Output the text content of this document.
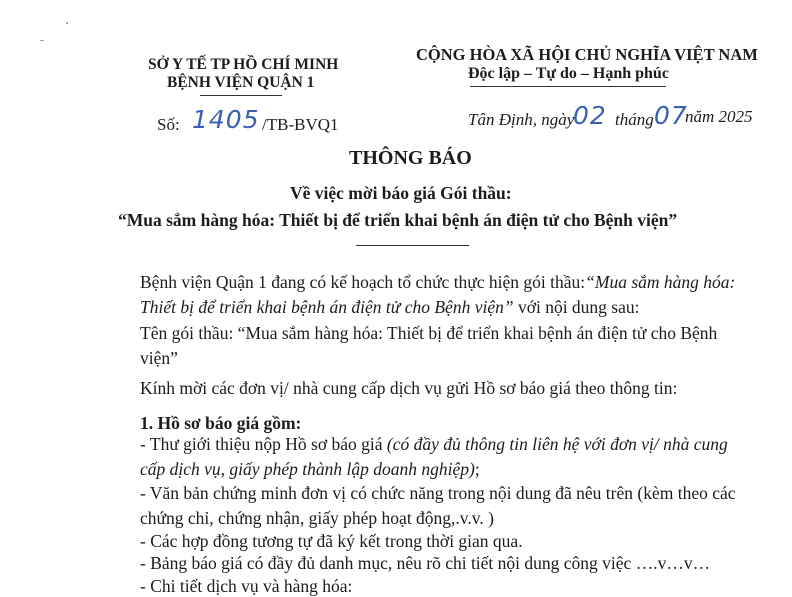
SỞ Y TẾ TP HỒ CHÍ MINH
BỆNH VIỆN QUẬN 1
Số: 1405 /TB-BVQ1
CỘNG HÒA XÃ HỘI CHỦ NGHĨA VIỆT NAM
Độc lập – Tự do – Hạnh phúc
Tân Định, ngày
02 tháng 07
năm 2025
THÔNG BÁO
Về việc mời báo giá Gói thầu:
“Mua sắm hàng hóa: Thiết bị để triển khai bệnh án điện tử cho Bệnh viện”
Bệnh viện Quận 1 đang có kế hoạch tổ chức thực hiện gói thầu:“Mua sắm hàng hóa:
Thiết bị để triển khai bệnh án điện tử cho Bệnh viện” với nội dung sau:
Tên gói thầu: “Mua sắm hàng hóa: Thiết bị để triển khai bệnh án điện tử cho Bệnh
viện”
Kính mời các đơn vị/ nhà cung cấp dịch vụ gửi Hồ sơ báo giá theo thông tin:
1. Hồ sơ báo giá gồm:
- Thư giới thiệu nộp Hồ sơ báo giá (có đầy đủ thông tin liên hệ với đơn vị/ nhà cung
cấp dịch vụ, giấy phép thành lập doanh nghiệp);
- Văn bản chứng minh đơn vị có chức năng trong nội dung đã nêu trên (kèm theo các
chứng chỉ, chứng nhận, giấy phép hoạt động,.v.v. )
- Các hợp đồng tương tự đã ký kết trong thời gian qua.
- Bảng báo giá có đầy đủ danh mục, nêu rõ chi tiết nội dung công việc ….v…v…
- Chi tiết dịch vụ và hàng hóa:
